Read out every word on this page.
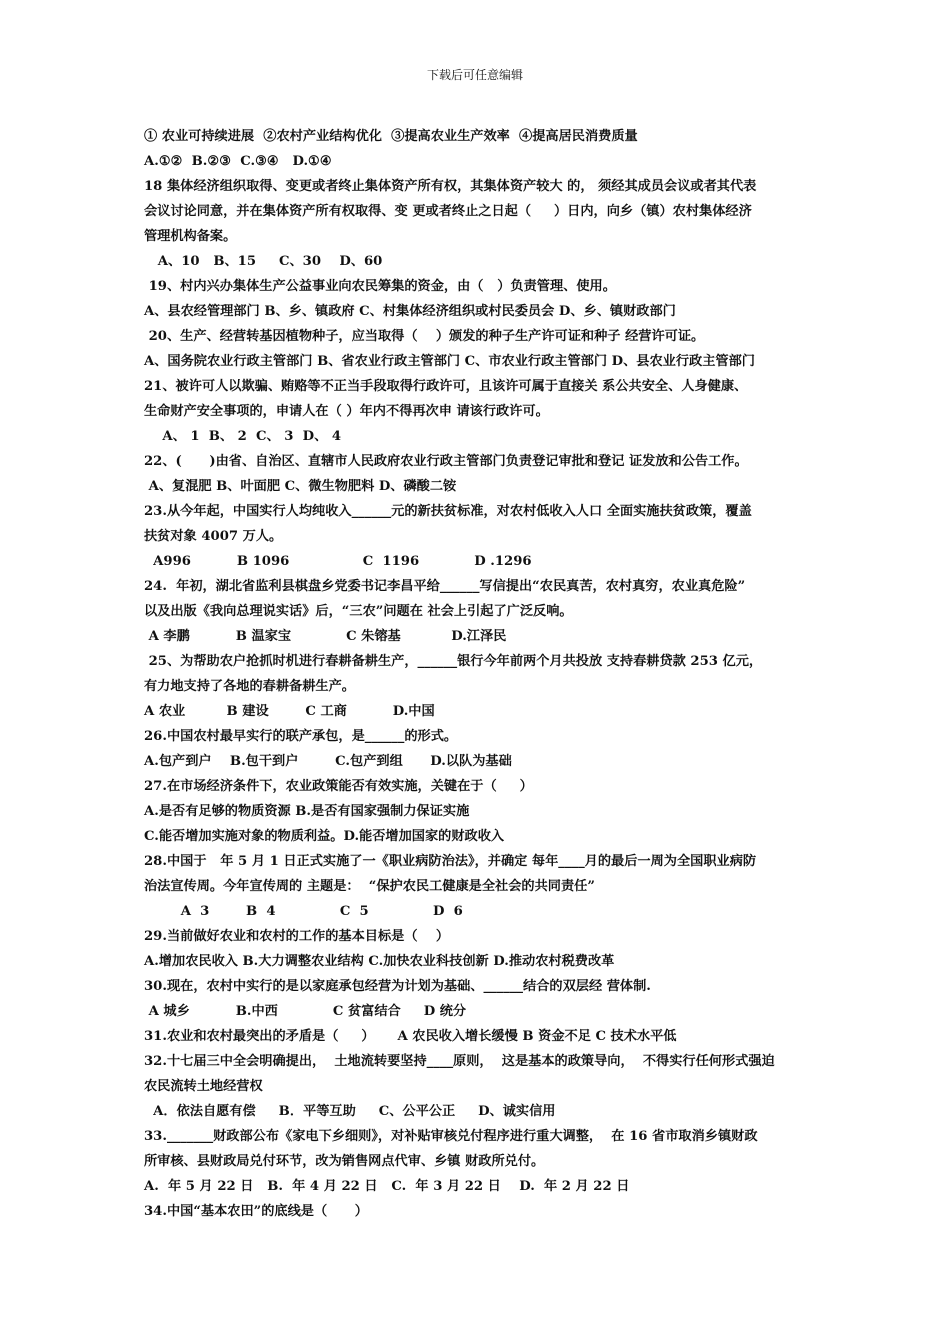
下载后可任意编辑
① 农业可持续进展  ②农村产业结构优化  ③提高农业生产效率  ④提高居民消费质量
A.①②  B.②③  C.③④   D.①④
18 集体经济组织取得、变更或者终止集体资产所有权，其集体资产较大 的， 须经其成员会议或者其代表
会议讨论同意，并在集体资产所有权取得、变 更或者终止之日起（     ）日内，向乡（镇）农村集体经济
管理机构备案。
A、10   B、15     C、30    D、60
19、村内兴办集体生产公益事业向农民筹集的资金，由（   ）负责管理、使用。
A、县农经管理部门 B、乡、镇政府 C、村集体经济组织或村民委员会 D、乡、镇财政部门
20、生产、经营转基因植物种子，应当取得（    ）颁发的种子生产许可证和种子 经营许可证。
A、国务院农业行政主管部门 B、省农业行政主管部门 C、市农业行政主管部门 D、县农业行政主管部门
21、被许可人以欺骗、贿赂等不正当手段取得行政许可，且该许可属于直接关 系公共安全、人身健康、
生命财产安全事项的，申请人在（ ）年内不得再次申 请该行政许可。
A、 1  B、 2  C、 3  D、 4
22、(      )由省、自治区、直辖市人民政府农业行政主管部门负责登记审批和登记 证发放和公告工作。
A、复混肥 B、叶面肥 C、微生物肥料 D、磷酸二铵
23.从今年起，中国实行人均纯收入______元的新扶贫标准，对农村低收入人口 全面实施扶贫政策，覆盖
扶贫对象 4007 万人。
A996          B 1096                C  1196            D .1296
24.  年初，湖北省监利县棋盘乡党委书记李昌平给______写信提出“农民真苦，农村真穷，农业真危险”
以及出版《我向总理说实话》后，“三农”问题在 社会上引起了广泛反响。
A 李鹏          B 温家宝            C 朱镕基           D.江泽民
25、为帮助农户抢抓时机进行春耕备耕生产，______银行今年前两个月共投放 支持春耕贷款 253 亿元，
有力地支持了各地的春耕备耕生产。
A 农业         B 建设        C 工商          D.中国
26.中国农村最早实行的联产承包，是______的形式。
A.包产到户    B.包干到户        C.包产到组      D.以队为基础
27.在市场经济条件下，农业政策能否有效实施，关键在于（     ）
A.是否有足够的物质资源 B.是否有国家强制力保证实施
C.能否增加实施对象的物质利益。D.能否增加国家的财政收入
28.中国于   年 5 月 1 日正式实施了一《职业病防治法》，并确定 每年____月的最后一周为全国职业病防
治法宣传周。今年宣传周的 主题是：  “保护农民工健康是全社会的共同责任”
A  3        B  4              C  5              D  6
29.当前做好农业和农村的工作的基本目标是（    ）
A.增加农民收入 B.大力调整农业结构 C.加快农业科技创新 D.推动农村税费改革
30.现在，农村中实行的是以家庭承包经营为计划为基础、______结合的双层经 营体制.
A 城乡          B.中西            C 贫富结合     D 统分
31.农业和农村最突出的矛盾是（     ）     A 农民收入增长缓慢 B 资金不足 C 技术水平低
32.十七届三中全会明确提出，  土地流转要坚持____原则，  这是基本的政策导向，  不得实行任何形式强迫
农民流转土地经营权
A．依法自愿有偿     B．平等互助     C、公平公正     D、诚实信用
33._______财政部公布《家电下乡细则》，对补贴审核兑付程序进行重大调整，  在 16 省市取消乡镇财政
所审核、县财政局兑付环节，改为销售网点代审、乡镇 财政所兑付。
A.  年 5 月 22 日   B.  年 4 月 22 日   C.  年 3 月 22 日    D.  年 2 月 22 日
34.中国“基本农田”的底线是（      ）
